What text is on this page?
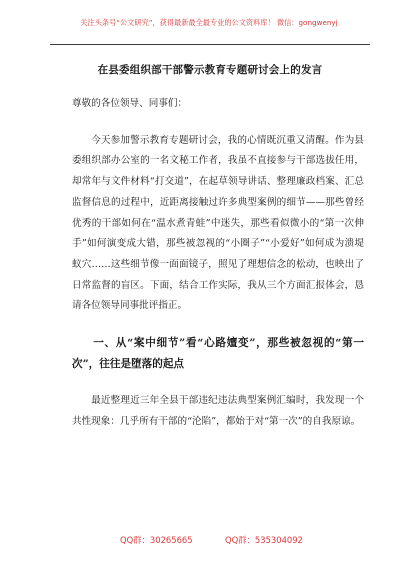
关注头条号“公文研究”，获得最新最全最专业的公文资料库！ 微信：gongwenyj
在县委组织部干部警示教育专题研讨会上的发言

尊敬的各位领导、同事们：

今天参加警示教育专题研讨会，我的心情既沉重又清醒。作为县委组织部办公室的一名文秘工作者，我虽不直接参与干部选拔任用，却常年与文件材料“打交道”，在起草领导讲话、整理廉政档案、汇总监督信息的过程中，近距离接触过许多典型案例的细节——那些曾经优秀的干部如何在“温水煮青蛙”中迷失，那些看似微小的“第一次伸手”如何演变成大错，那些被忽视的“小圈子”“小爱好”如何成为溃堤蚁穴……这些细节像一面面镜子，照见了理想信念的松动，也映出了日常监督的盲区。下面，结合工作实际，我从三个方面汇报体会，恳请各位领导同事批评指正。

一、从“案中细节”看“心路嬗变”，那些被忽视的“第一次”，往往是堕落的起点

最近整理近三年全县干部违纪违法典型案例汇编时，我发现一个共性现象：几乎所有干部的“沦陷”，都始于对“第一次”的自我原谅。

QQ群：30265665	QQ群：535304092
